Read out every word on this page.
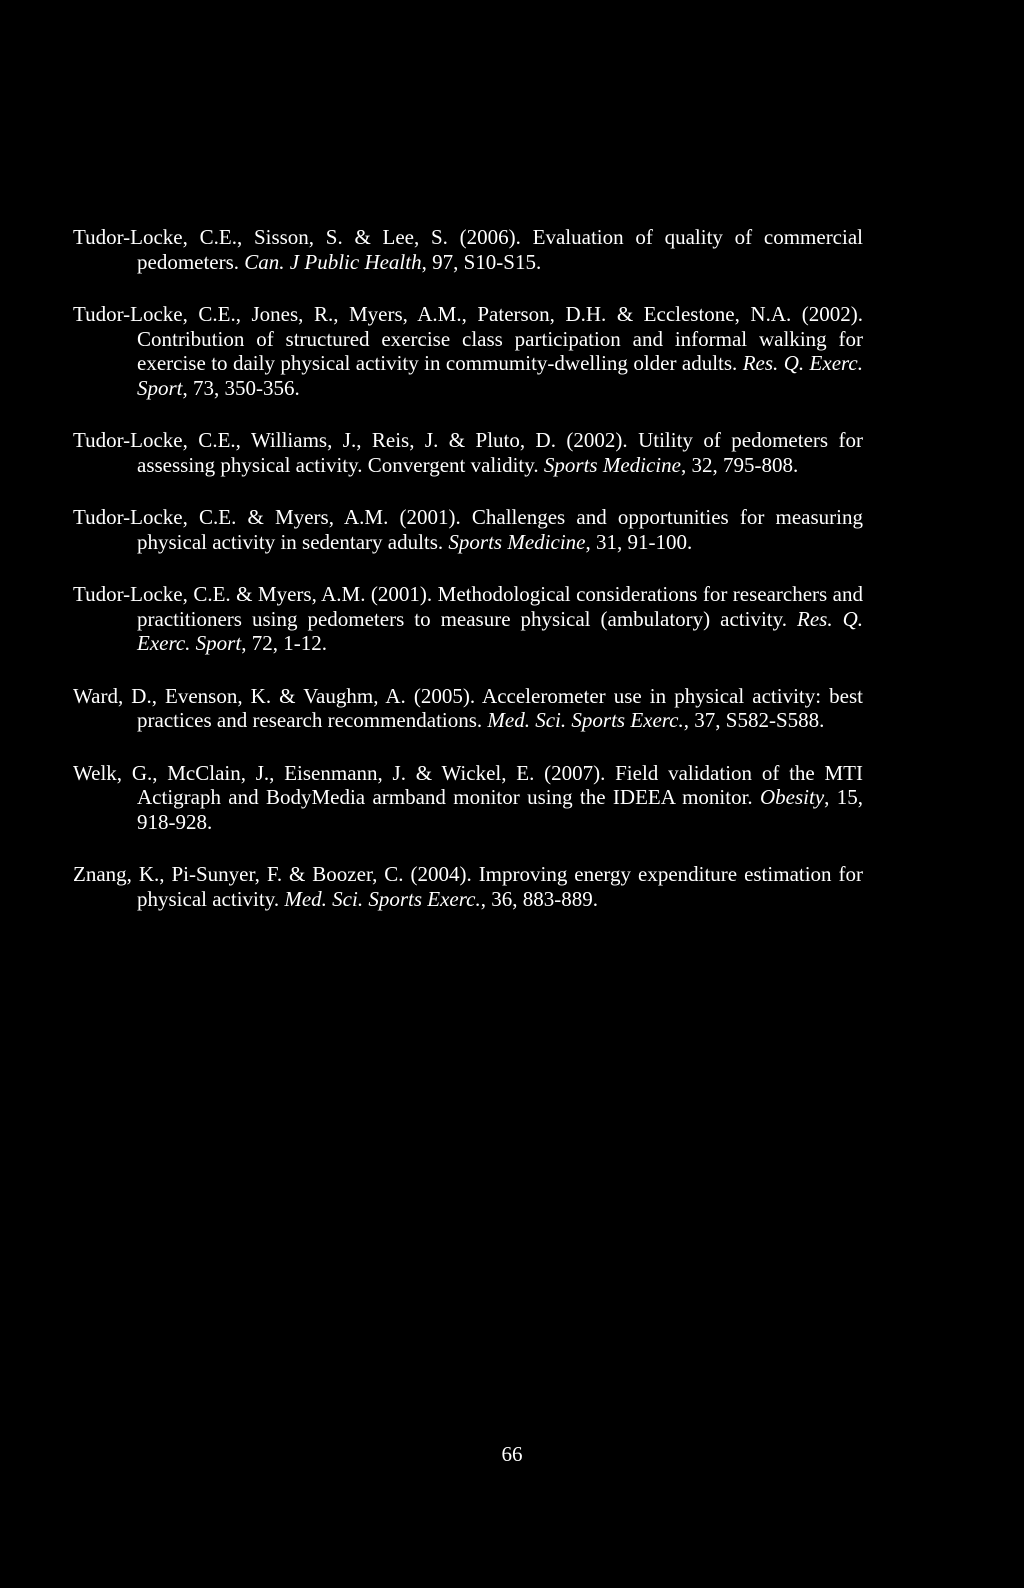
Tudor-Locke, C.E., Sisson, S. & Lee, S. (2006). Evaluation of quality of commercial pedometers. Can. J Public Health, 97, S10-S15.
Tudor-Locke, C.E., Jones, R., Myers, A.M., Paterson, D.H. & Ecclestone, N.A. (2002). Contribution of structured exercise class participation and informal walking for exercise to daily physical activity in commumity-dwelling older adults. Res. Q. Exerc. Sport, 73, 350-356.
Tudor-Locke, C.E., Williams, J., Reis, J. & Pluto, D. (2002). Utility of pedometers for assessing physical activity. Convergent validity. Sports Medicine, 32, 795-808.
Tudor-Locke, C.E. & Myers, A.M. (2001). Challenges and opportunities for measuring physical activity in sedentary adults. Sports Medicine, 31, 91-100.
Tudor-Locke, C.E. & Myers, A.M. (2001). Methodological considerations for researchers and practitioners using pedometers to measure physical (ambulatory) activity. Res. Q. Exerc. Sport, 72, 1-12.
Ward, D., Evenson, K. & Vaughm, A. (2005). Accelerometer use in physical activity: best practices and research recommendations. Med. Sci. Sports Exerc., 37, S582-S588.
Welk, G., McClain, J., Eisenmann, J. & Wickel, E. (2007). Field validation of the MTI Actigraph and BodyMedia armband monitor using the IDEEA monitor. Obesity, 15, 918-928.
Znang, K., Pi-Sunyer, F. & Boozer, C. (2004). Improving energy expenditure estimation for physical activity. Med. Sci. Sports Exerc., 36, 883-889.
66
